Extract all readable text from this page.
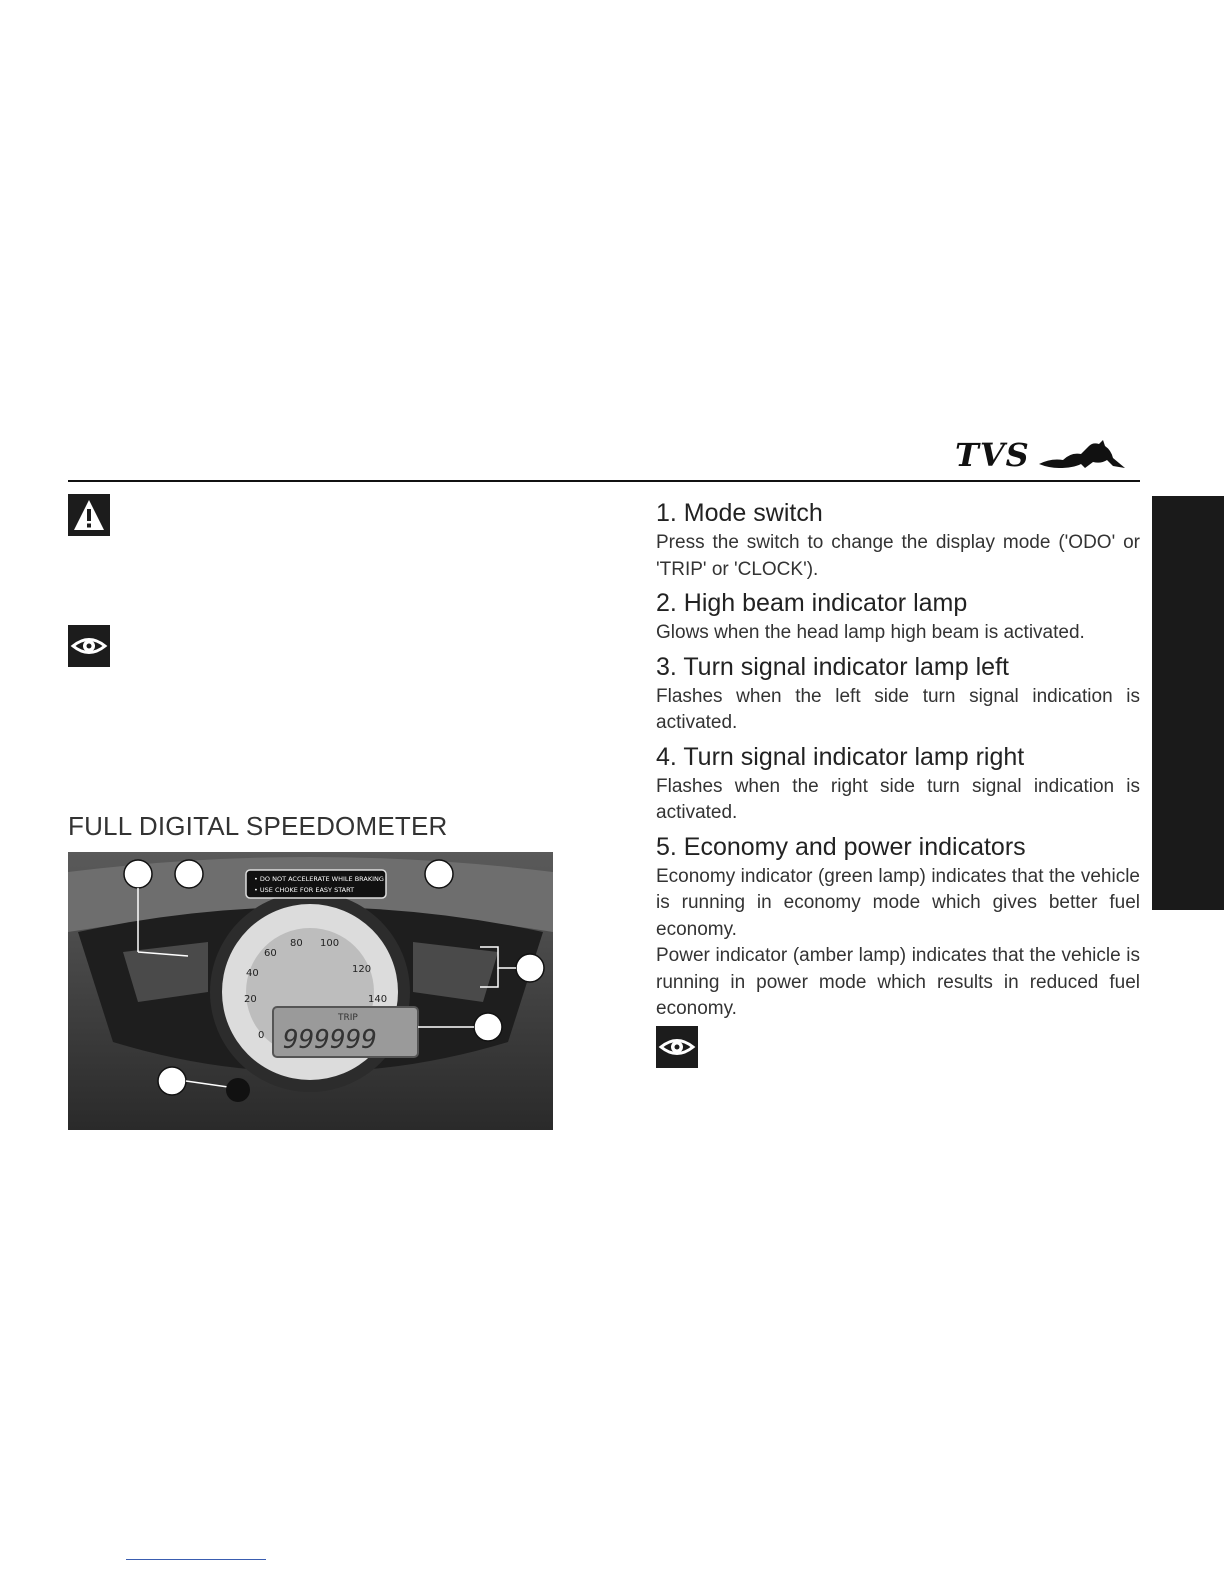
TVS
FULL DIGITAL SPEEDOMETER
999999
TRIP
0
20
40
60
80 100
120
140
• DO NOT ACCELERATE WHILE BRAKING
• USE CHOKE FOR EASY START
1. Mode switch

Press the switch to change the display mode ('ODO' or 'TRIP' or 'CLOCK').

2. High beam indicator lamp

Glows when the head lamp high beam is activated.

3. Turn signal indicator lamp left

Flashes when the left side turn signal indication is activated.

4. Turn signal indicator lamp right

Flashes when the right side turn signal indication is activated.

5. Economy and power indicators

Economy indicator (green lamp) indicates that the vehicle is running in economy mode which gives better fuel economy.

Power indicator (amber lamp) indicates that the vehicle is running in power mode which results in reduced fuel economy.
